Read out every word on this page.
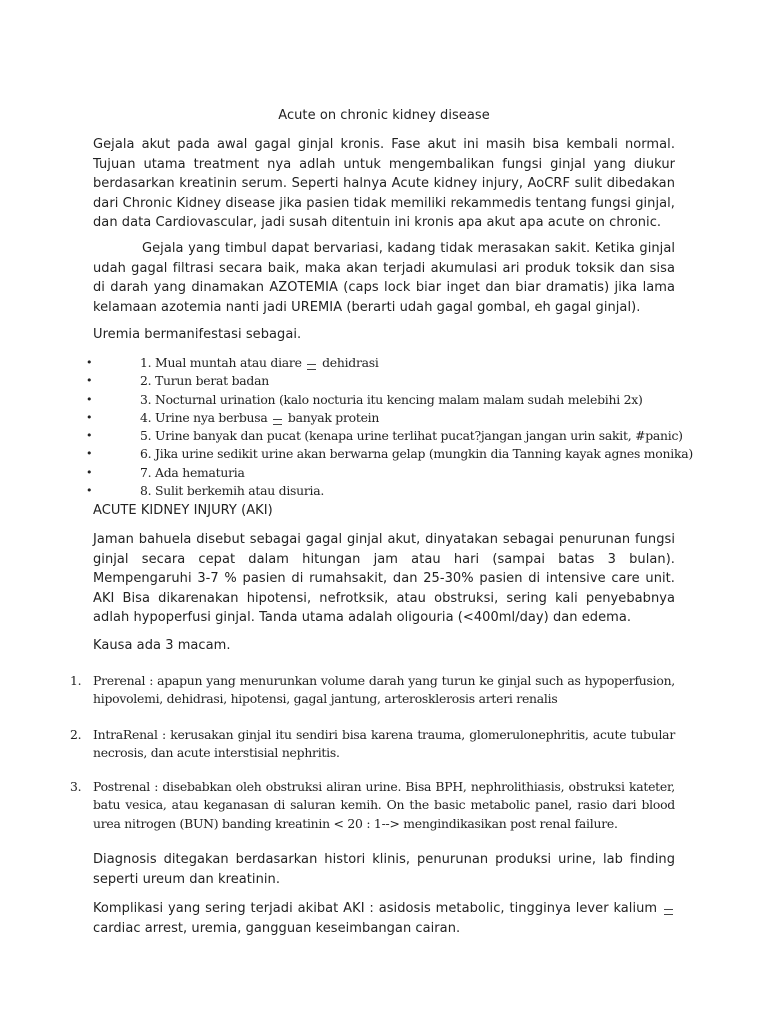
Acute on chronic kidney disease

Gejala akut pada awal gagal ginjal kronis. Fase akut ini masih bisa kembali normal. Tujuan utama treatment nya adlah untuk mengembalikan fungsi ginjal yang diukur berdasarkan kreatinin serum. Seperti halnya Acute kidney injury, AoCRF sulit dibedakan dari Chronic Kidney disease jika pasien tidak memiliki rekammedis tentang fungsi ginjal, dan data Cardiovascular, jadi susah ditentuin ini kronis apa akut apa acute on chronic.

Gejala yang timbul dapat bervariasi, kadang tidak merasakan sakit. Ketika ginjal udah gagal filtrasi secara baik, maka akan terjadi akumulasi ari produk toksik dan sisa di darah yang dinamakan AZOTEMIA (caps lock biar inget dan biar dramatis) jika lama kelamaan azotemia nanti jadi UREMIA (berarti udah gagal gombal, eh gagal ginjal).

Uremia bermanifestasi sebagai.

•	1. Mual muntah atau diare dehidrasi
•	2. Turun berat badan
•	3. Nocturnal urination (kalo nocturia itu kencing malam malam sudah melebihi 2x)
•	4. Urine nya berbusa banyak protein
•	5. Urine banyak dan pucat (kenapa urine terlihat pucat?jangan jangan urin sakit, #panic)
•	6. Jika urine sedikit urine akan berwarna gelap (mungkin dia Tanning kayak agnes monika)
•	7. Ada hematuria
•	8. Sulit berkemih atau disuria.

ACUTE KIDNEY INJURY (AKI)

Jaman bahuela disebut sebagai gagal ginjal akut, dinyatakan sebagai penurunan fungsi ginjal secara cepat dalam hitungan jam atau hari (sampai batas 3 bulan). Mempengaruhi 3-7 % pasien di rumahsakit, dan 25-30% pasien di intensive care unit. AKI Bisa dikarenakan hipotensi, nefrotksik, atau obstruksi, sering kali penyebabnya adlah hypoperfusi ginjal. Tanda utama adalah oligouria (<400ml/day) dan edema.

Kausa ada 3 macam.

1. Prerenal : apapun yang menurunkan volume darah yang turun ke ginjal such as hypoperfusion, hipovolemi, dehidrasi, hipotensi, gagal jantung, arterosklerosis arteri renalis

2. IntraRenal : kerusakan ginjal itu sendiri bisa karena trauma, glomerulonephritis, acute tubular necrosis, dan acute interstisial nephritis.

3. Postrenal : disebabkan oleh obstruksi aliran urine. Bisa BPH, nephrolithiasis, obstruksi kateter, batu vesica, atau keganasan di saluran kemih. On the basic metabolic panel, rasio dari blood urea nitrogen (BUN) banding kreatinin < 20 : 1--> mengindikasikan post renal failure.

Diagnosis ditegakan berdasarkan histori klinis, penurunan produksi urine, lab finding seperti ureum dan kreatinin.

Komplikasi yang sering terjadi akibat AKI : asidosis metabolic, tingginya lever kalium  cardiac arrest, uremia, gangguan keseimbangan cairan.
